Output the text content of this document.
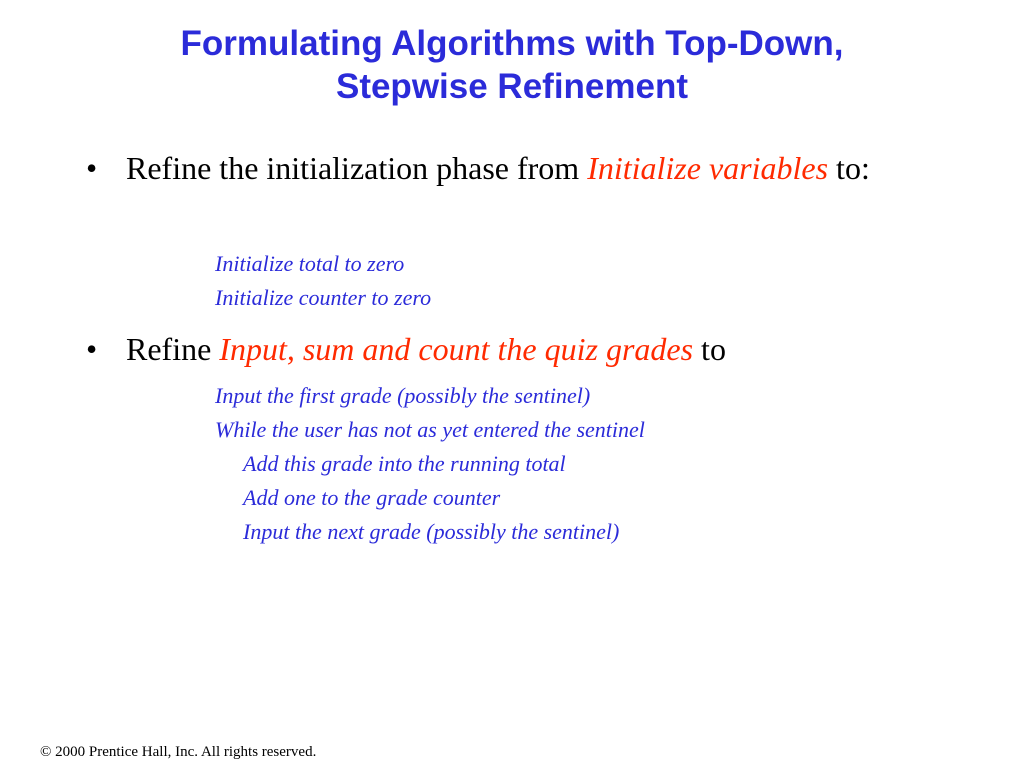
Formulating Algorithms with Top-Down,
Stepwise Refinement
• Refine the initialization phase from Initialize variables to:
Initialize total to zero
Initialize counter to zero
• Refine Input, sum and count the quiz grades to
Input the first grade (possibly the sentinel)
While the user has not as yet entered the sentinel
Add this grade into the running total
Add one to the grade counter
Input the next grade (possibly the sentinel)
© 2000 Prentice Hall, Inc. All rights reserved.
